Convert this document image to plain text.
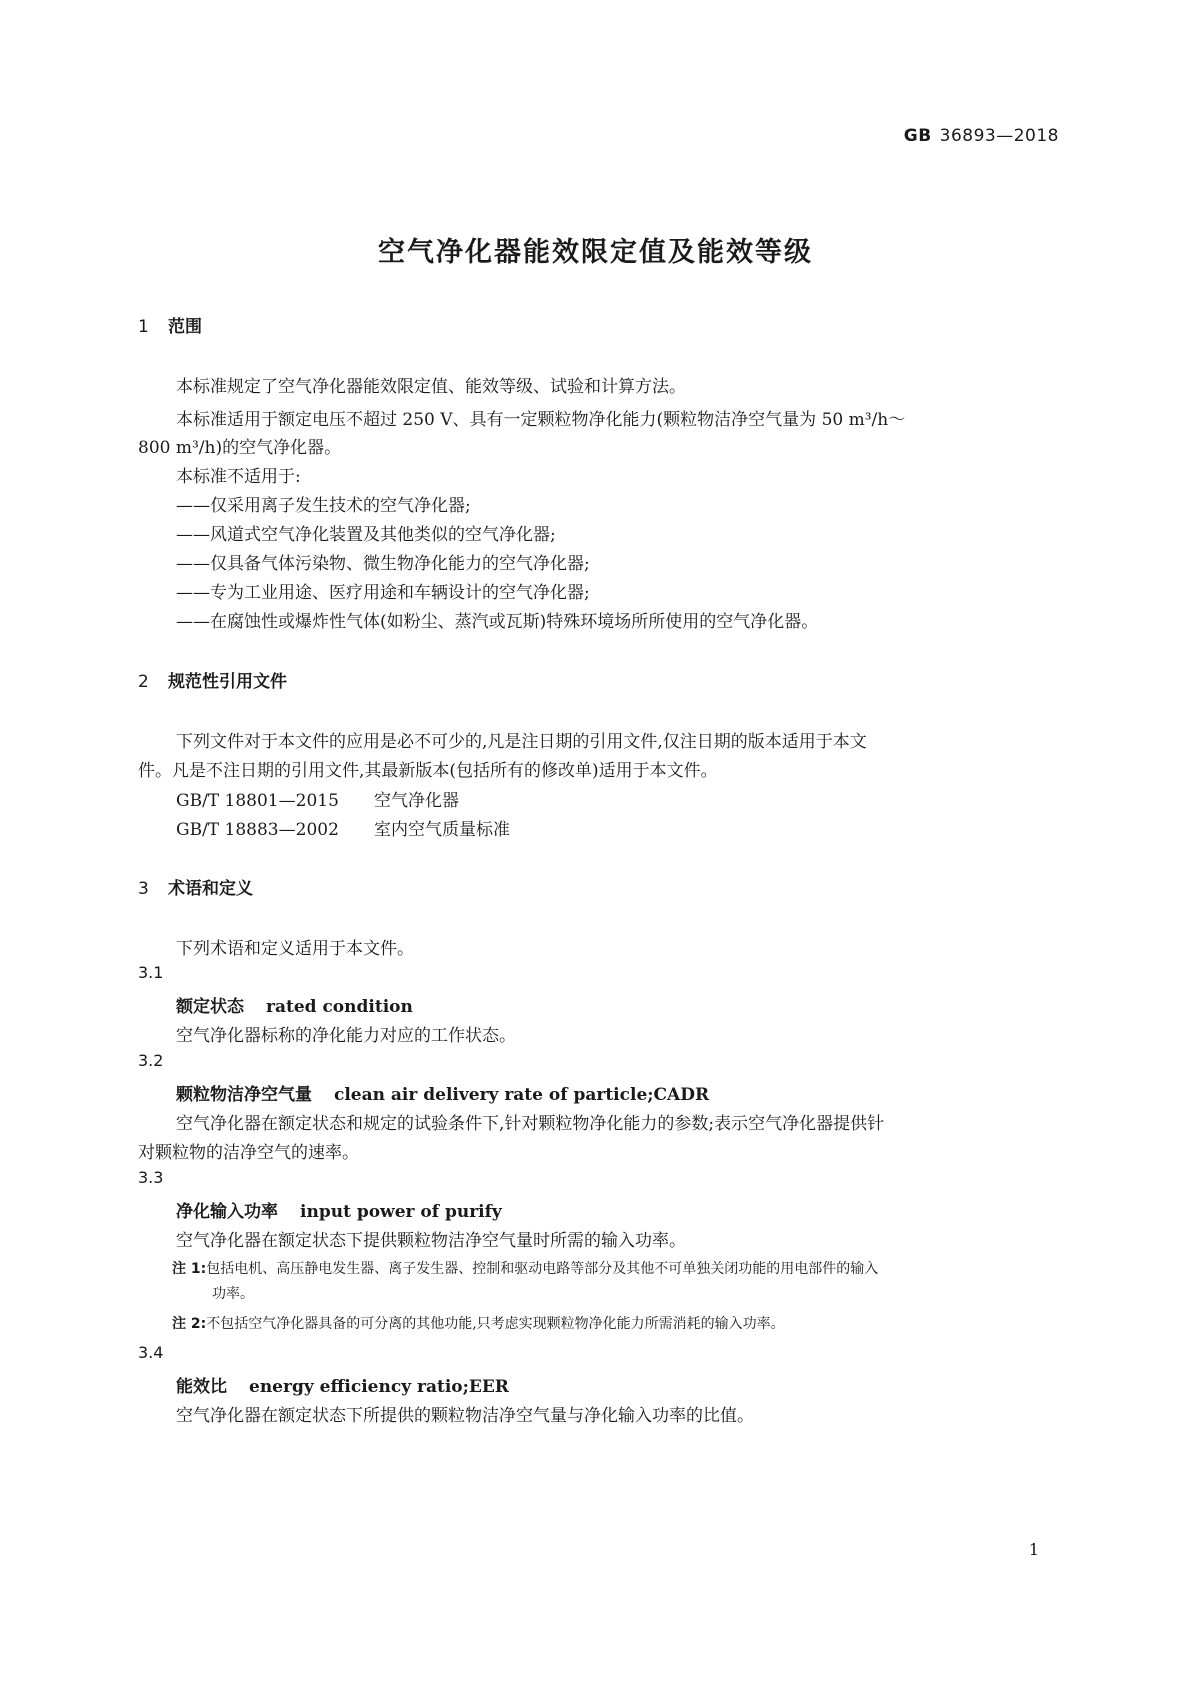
GB 36893—2018
空气净化器能效限定值及能效等级
1 范围
本标准规定了空气净化器能效限定值、能效等级、试验和计算方法。
本标准适用于额定电压不超过 250 V、具有一定颗粒物净化能力(颗粒物洁净空气量为 50 m³/h～
800 m³/h)的空气净化器。
本标准不适用于:
——仅采用离子发生技术的空气净化器;
——风道式空气净化装置及其他类似的空气净化器;
——仅具备气体污染物、微生物净化能力的空气净化器;
——专为工业用途、医疗用途和车辆设计的空气净化器;
——在腐蚀性或爆炸性气体(如粉尘、蒸汽或瓦斯)特殊环境场所所使用的空气净化器。
2 规范性引用文件
下列文件对于本文件的应用是必不可少的,凡是注日期的引用文件,仅注日期的版本适用于本文
件。凡是不注日期的引用文件,其最新版本(包括所有的修改单)适用于本文件。
GB/T 18801—2015 空气净化器
GB/T 18883—2002 室内空气质量标准
3 术语和定义
下列术语和定义适用于本文件。
3.1
额定状态 rated condition
空气净化器标称的净化能力对应的工作状态。
3.2
颗粒物洁净空气量 clean air delivery rate of particle;CADR
空气净化器在额定状态和规定的试验条件下,针对颗粒物净化能力的参数;表示空气净化器提供针
对颗粒物的洁净空气的速率。
3.3
净化输入功率 input power of purify
空气净化器在额定状态下提供颗粒物洁净空气量时所需的输入功率。
注 1:包括电机、高压静电发生器、离子发生器、控制和驱动电路等部分及其他不可单独关闭功能的用电部件的输入
功率。
注 2:不包括空气净化器具备的可分离的其他功能,只考虑实现颗粒物净化能力所需消耗的输入功率。
3.4
能效比 energy efficiency ratio;EER
空气净化器在额定状态下所提供的颗粒物洁净空气量与净化输入功率的比值。
1
